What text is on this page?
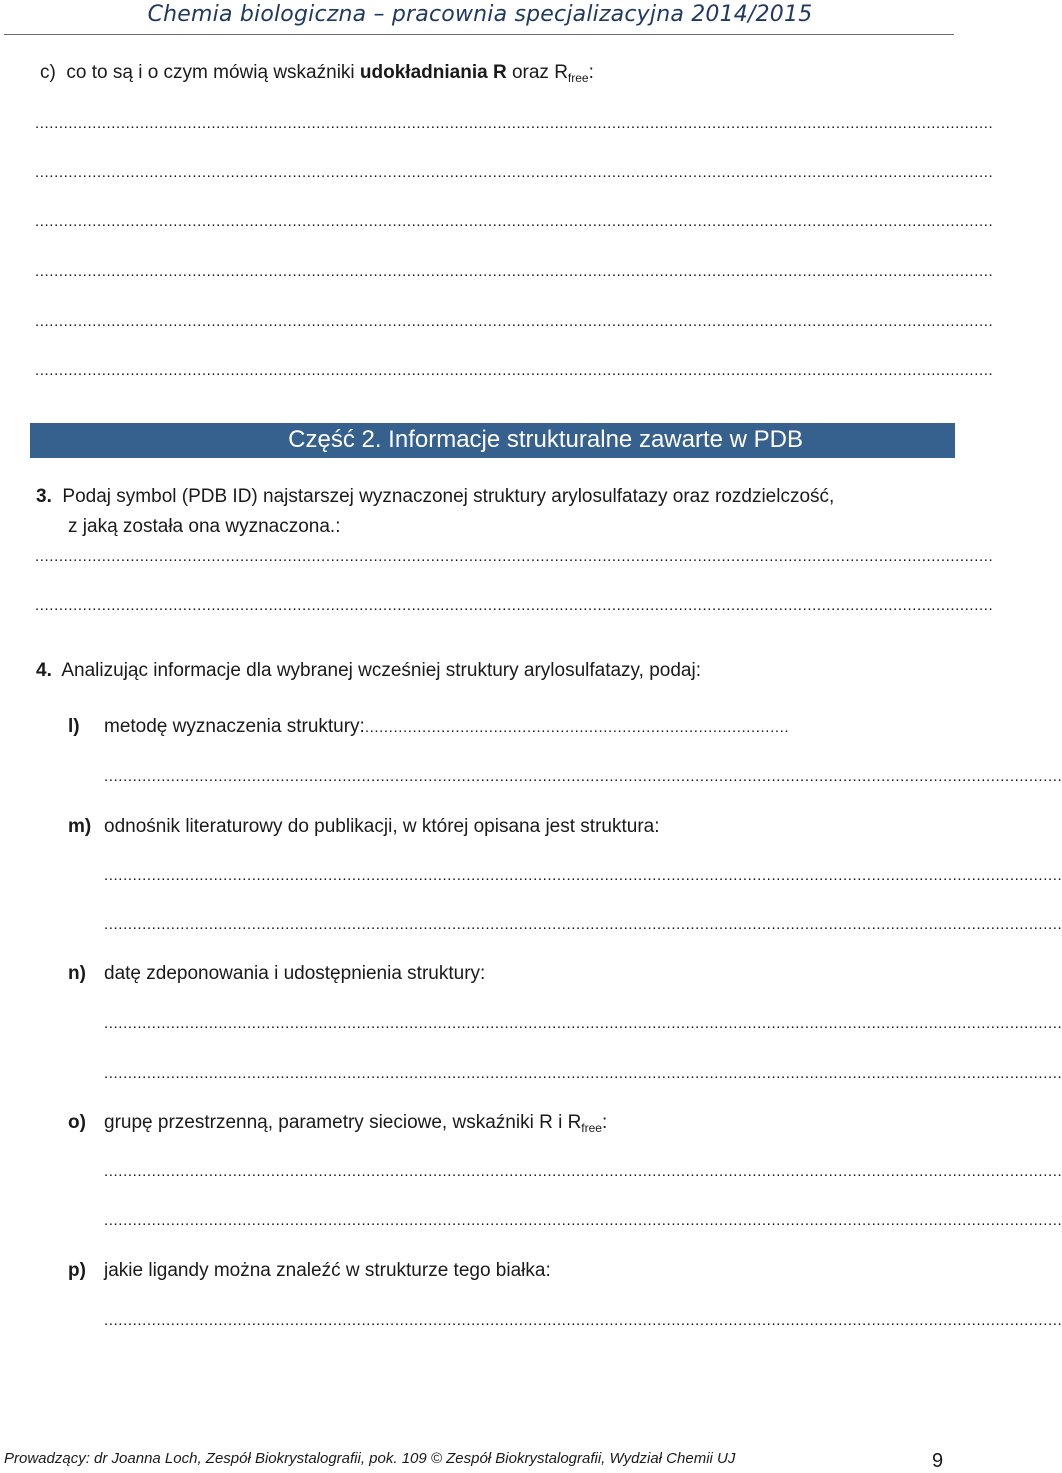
Chemia biologiczna – pracownia specjalizacyjna 2014/2015
c) co to są i o czym mówią wskaźniki udokładniania R oraz $R_{free}$:
.........................................................................................................................................................................................................
.........................................................................................................................................................................................................
.........................................................................................................................................................................................................
.........................................................................................................................................................................................................
.........................................................................................................................................................................................................
.........................................................................................................................................................................................................
Część 2. Informacje strukturalne zawarte w PDB
3. Podaj symbol (PDB ID) najstarszej wyznaczonej struktury arylosulfatazy oraz rozdzielczość,
z jaką została ona wyznaczona.:
.........................................................................................................................................................................................................
.........................................................................................................................................................................................................
4. Analizując informacje dla wybranej wcześniej struktury arylosulfatazy, podaj:
l) metodę wyznaczenia struktury:.........................................................................................
.........................................................................................................................................................................................................
m) odnośnik literaturowy do publikacji, w której opisana jest struktura:
.........................................................................................................................................................................................................
.........................................................................................................................................................................................................
n) datę zdeponowania i udostępnienia struktury:
.........................................................................................................................................................................................................
.........................................................................................................................................................................................................
o) grupę przestrzenną, parametry sieciowe, wskaźniki R i $R_{free}$:
.........................................................................................................................................................................................................
.........................................................................................................................................................................................................
p) jakie ligandy można znaleźć w strukturze tego białka:
.........................................................................................................................................................................................................
Prowadzący: dr Joanna Loch, Zespół Biokrystalografii, pok. 109 © Zespół Biokrystalografii, Wydział Chemii UJ	9
